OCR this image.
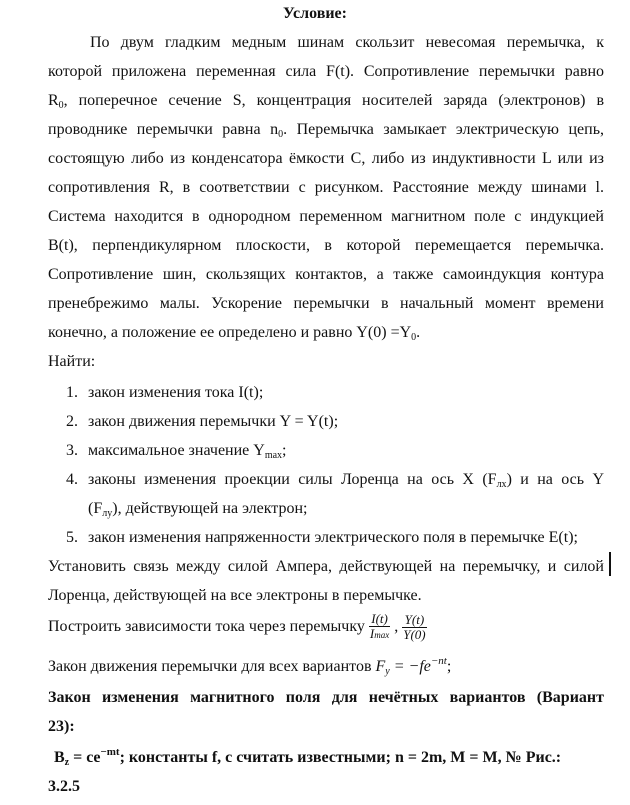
Условие:
По двум гладким медным шинам скользит невесомая перемычка, к
которой приложена переменная сила F(t). Сопротивление перемычки равно
R0, поперечное сечение S, концентрация носителей заряда (электронов) в
проводнике перемычки равна n0. Перемычка замыкает электрическую цепь,
состоящую либо из конденсатора ёмкости C, либо из индуктивности L или из
сопротивления R, в соответствии с рисунком. Расстояние между шинами l.
Система находится в однородном переменном магнитном поле с индукцией
B(t), перпендикулярном плоскости, в которой перемещается перемычка.
Сопротивление шин, скользящих контактов, а также самоиндукция контура
пренебрежимо малы. Ускорение перемычки в начальный момент времени
конечно, а положение ее определено и равно Y(0) =Y0.
Найти:
1. закон изменения тока I(t);
2. закон движения перемычки Y = Y(t);
3. максимальное значение Ymax;
4. законы изменения проекции силы Лоренца на ось X (Fлх) и на ось Y
(Fлу), действующей на электрон;
5. закон изменения напряженности электрического поля в перемычке E(t);
Установить связь между силой Ампера, действующей на перемычку, и силой
Лоренца, действующей на все электроны в перемычке.
Построить зависимости тока через перемычку $\frac{I(t)}{Imax}$ , $\frac{Y(t)}{Y(0)}$
Закон движения перемычки для всех вариантов $Fy = -fe^{-nt}$;
Закон изменения магнитного поля для нечётных вариантов (Вариант
23):
$Bz = ce^{-mt}$; константы f, c считать известными; n = 2m, M = M, № Рис.:
3.2.5
